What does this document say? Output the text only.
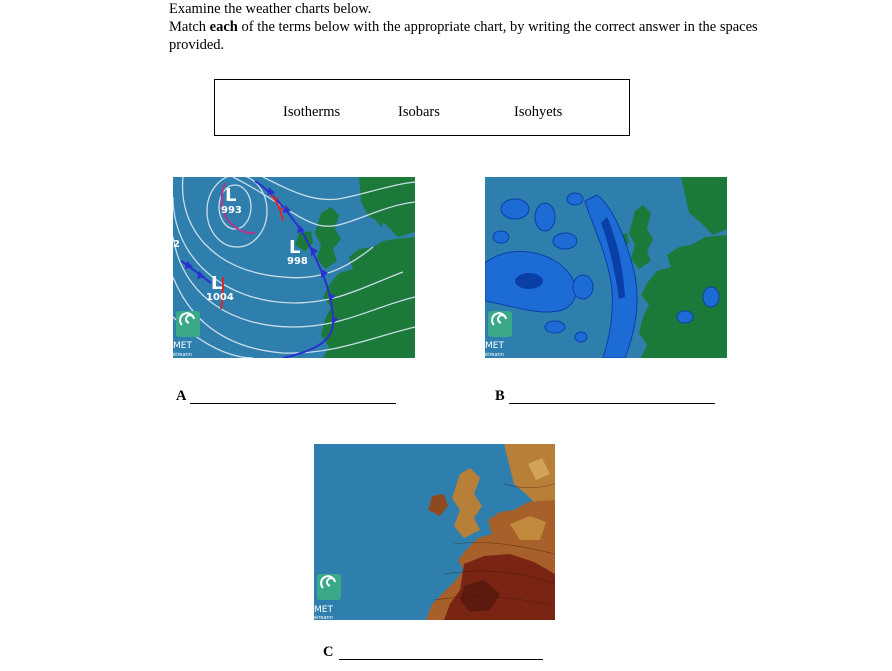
Examine the weather charts below.

Match each of the terms below with the appropriate chart, by writing the correct answer in the spaces provided.

Isotherms	Isobars	Isohyets
L
993
L
998
L
1004
2
MET
éireann
MET
éireann
MET
éireann
A	B
C
